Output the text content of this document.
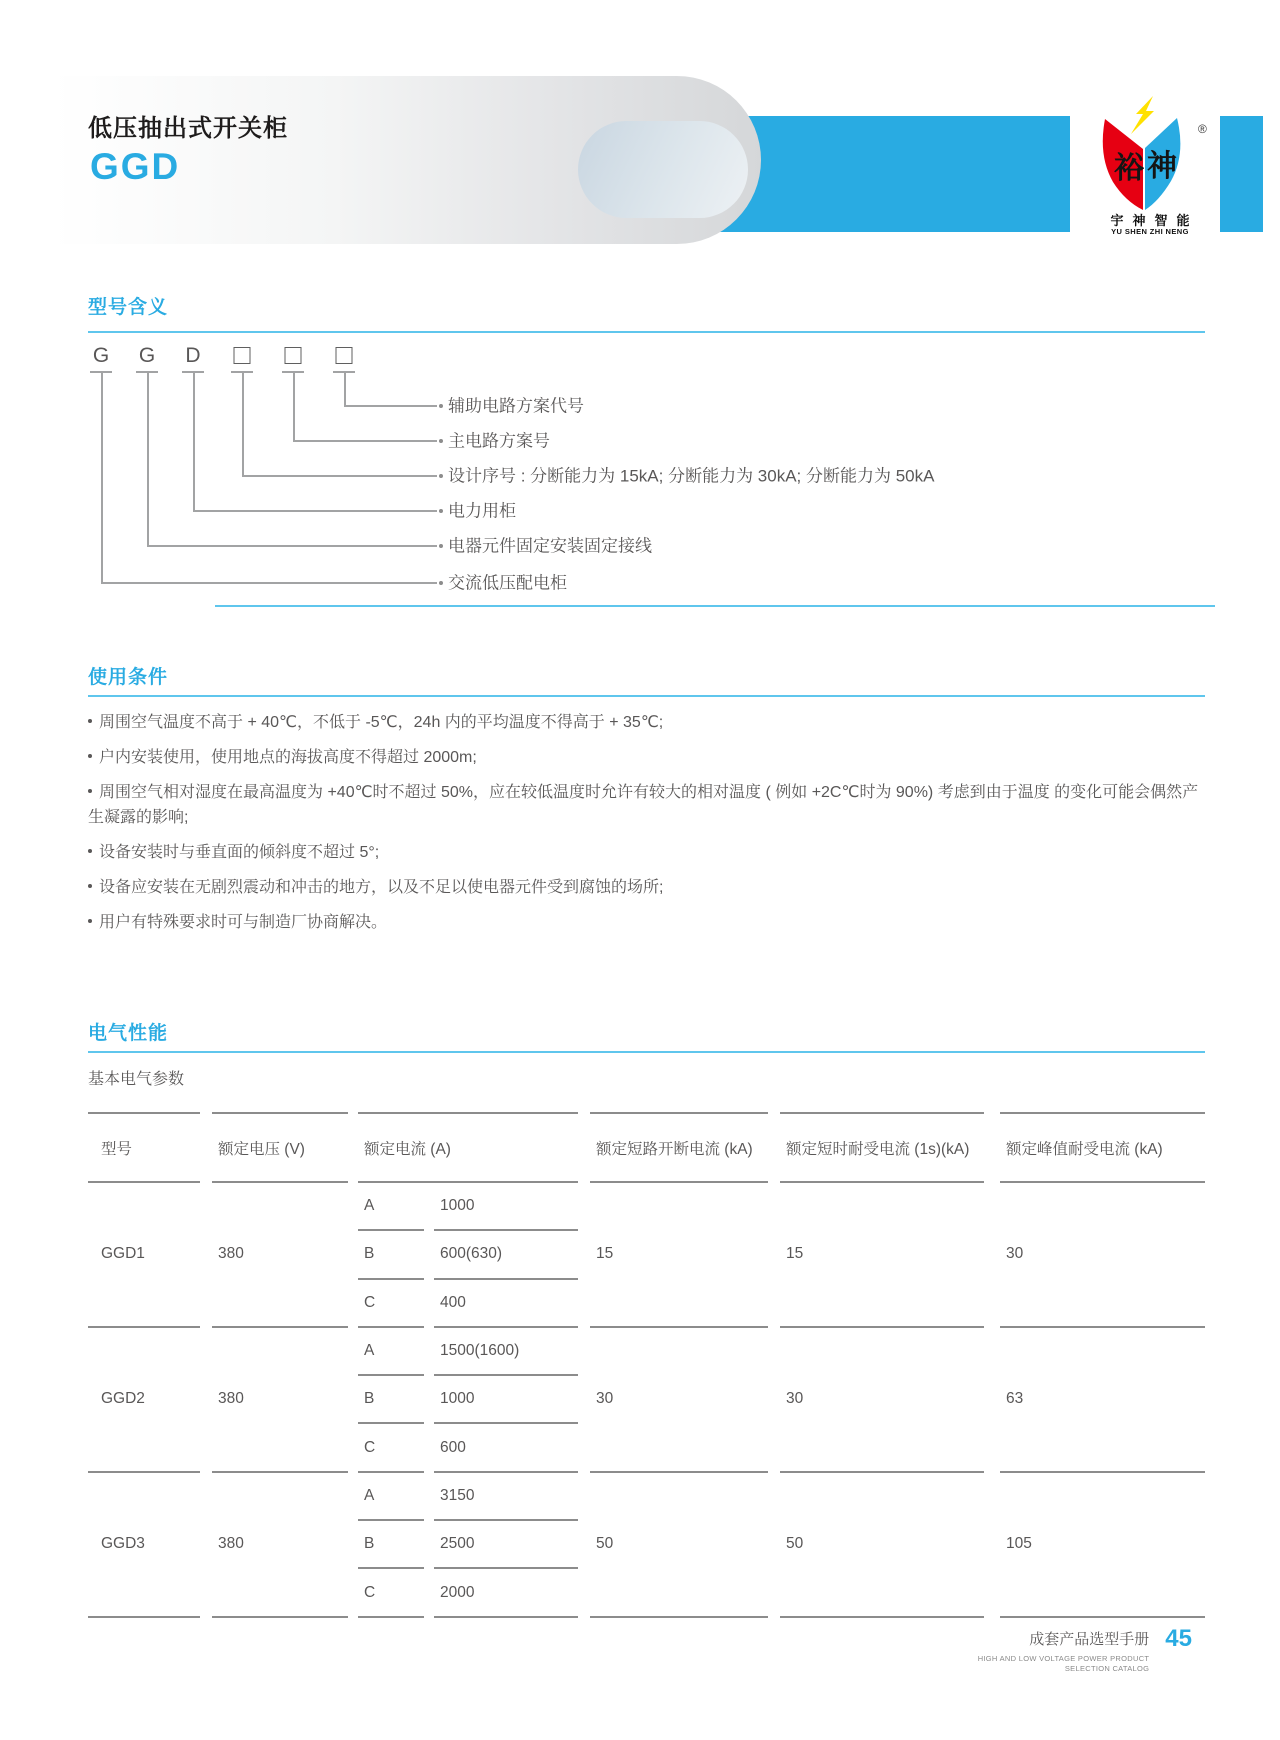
低压抽出式开关柜
GGD	裕 神
®
宇神智能
YU SHEN ZHI NENG
型号含义
G G D
辅助电路方案代号
主电路方案号
设计序号 : 分断能力为 15kA; 分断能力为 30kA; 分断能力为 50kA
电力用柜
电器元件固定安装固定接线
交流低压配电柜
使用条件

周围空气温度不高于 + 40℃，不低于 -5℃，24h 内的平均温度不得高于 + 35℃;

户内安装使用，使用地点的海拔高度不得超过 2000m;

周围空气相对湿度在最高温度为 +40℃时不超过 50%，应在较低温度时允许有较大的相对温度 ( 例如 +2C℃时为 90%) 考虑到由于温度 的变化可能会偶然产生凝露的影响;

设备安装时与垂直面的倾斜度不超过 5°;

设备应安装在无剧烈震动和冲击的地方，以及不足以使电器元件受到腐蚀的场所;

用户有特殊要求时可与制造厂协商解决。

电气性能
基本电气参数
型号	额定电压 (V)	额定电流 (A)	额定短路开断电流 (kA)	额定短时耐受电流 (1s)(kA)	额定峰值耐受电流 (kA)
GGD1	380
A	1000
B	600(630)
C	400
15	15	30
GGD2	380
A	1500(1600)
B	1000
C	600
30	30	63
GGD3	380
A	3150
B	2500
C	2000
50	50	105
成套产品选型手册
HIGH AND LOW VOLTAGE POWER PRODUCT
SELECTION CATALOG
45
